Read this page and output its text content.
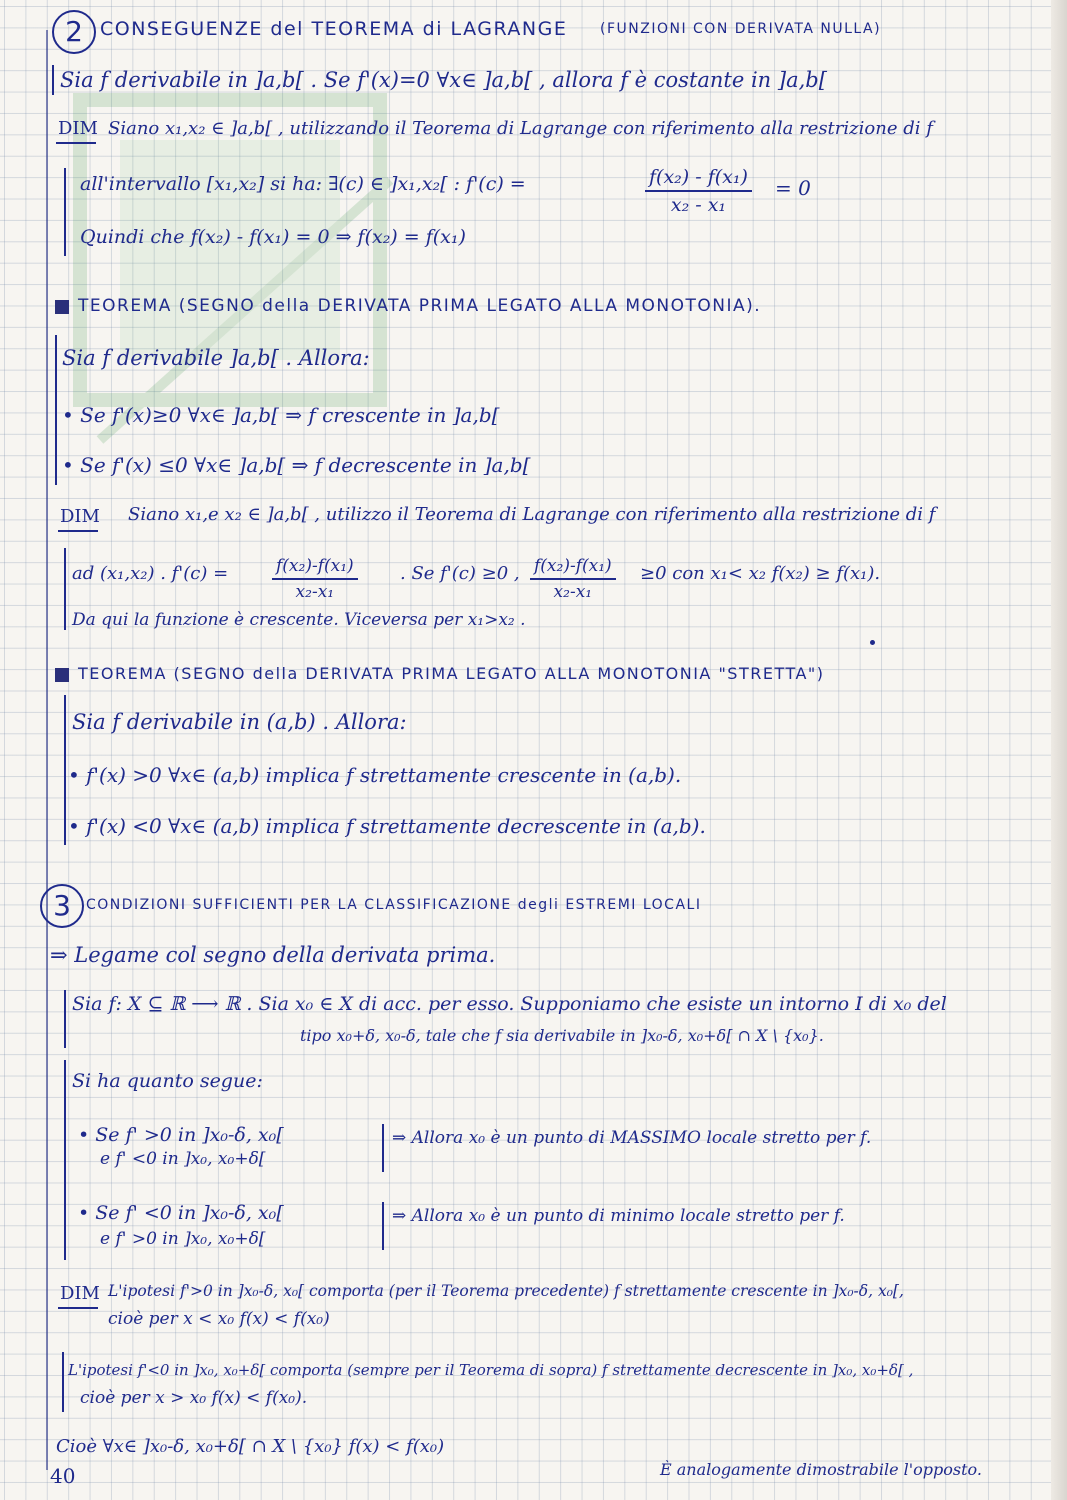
2 CONSEGUENZE del TEOREMA di LAGRANGE (FUNZIONI CON DERIVATA NULLA)
Sia f derivabile in ]a,b[ . Se f'(x)=0 ∀x∈ ]a,b[ , allora f è costante in ]a,b[
DIM Siano x₁,x₂ ∈ ]a,b[ , utilizzando il Teorema di Lagrange con riferimento alla restrizione di f
all'intervallo [x₁,x₂] si ha: ∃(c) ∈ ]x₁,x₂[ : f'(c) =	$\frac{\text{f(x₂) - f(x₁)}}{\text{x₂ - x₁}} = 0$
Quindi che f(x₂) - f(x₁) = 0 ⇒ f(x₂) = f(x₁)
TEOREMA (SEGNO della DERIVATA PRIMA LEGATO ALLA MONOTONIA).
Sia f derivabile ]a,b[ . Allora:
• Se f'(x)≥0 ∀x∈ ]a,b[ ⇒ f crescente in ]a,b[
• Se f'(x) ≤0 ∀x∈ ]a,b[ ⇒ f decrescente in ]a,b[
DIM Siano x₁,e x₂ ∈ ]a,b[ , utilizzo il Teorema di Lagrange con riferimento alla restrizione di f
ad (x₁,x₂) . f'(c) =	$\frac{\text{f(x₂)-f(x₁)}}{\text{x₂-x₁}}$ . Se f'(c) ≥0 , $\frac{\text{f(x₂)-f(x₁)}}{\text{x₂-x₁}} \ge 0$ con x₁< x₂ f(x₂) ≥ f(x₁).
Da qui la funzione è crescente. Viceversa per x₁>x₂ .
TEOREMA (SEGNO della DERIVATA PRIMA LEGATO ALLA MONOTONIA "STRETTA")
Sia f derivabile in (a,b) . Allora:
• f'(x) >0 ∀x∈ (a,b) implica f strettamente crescente in (a,b).
• f'(x) <0 ∀x∈ (a,b) implica f strettamente decrescente in (a,b).
3	CONDIZIONI SUFFICIENTI PER LA CLASSIFICAZIONE degli ESTREMI LOCALI
⇒ Legame col segno della derivata prima.
Sia f: X ⊆ ℝ ⟶ ℝ . Sia x₀ ∈ X di acc. per esso. Supponiamo che esiste un intorno I di x₀ del
tipo x₀+δ, x₀-δ, tale che f sia derivabile in ]x₀-δ, x₀+δ[ ∩ X \ {x₀}.
Si ha quanto segue:
• Se f' >0 in ]x₀-δ, x₀[
e f' <0 in ]x₀, x₀+δ[
⇒ Allora x₀ è un punto di MASSIMO locale stretto per f.
• Se f' <0 in ]x₀-δ, x₀[
e f' >0 in ]x₀, x₀+δ[
⇒ Allora x₀ è un punto di minimo locale stretto per f.
DIM L'ipotesi f'>0 in ]x₀-δ, x₀[ comporta (per il Teorema precedente) f strettamente crescente in ]x₀-δ, x₀[,
cioè per x < x₀ f(x) < f(x₀)
L'ipotesi f'<0 in ]x₀, x₀+δ[ comporta (sempre per il Teorema di sopra) f strettamente decrescente in ]x₀, x₀+δ[ ,
cioè per x > x₀ f(x) < f(x₀).
Cioè ∀x∈ ]x₀-δ, x₀+δ[ ∩ X \ {x₀} f(x) < f(x₀)
40	È analogamente dimostrabile l'opposto.
